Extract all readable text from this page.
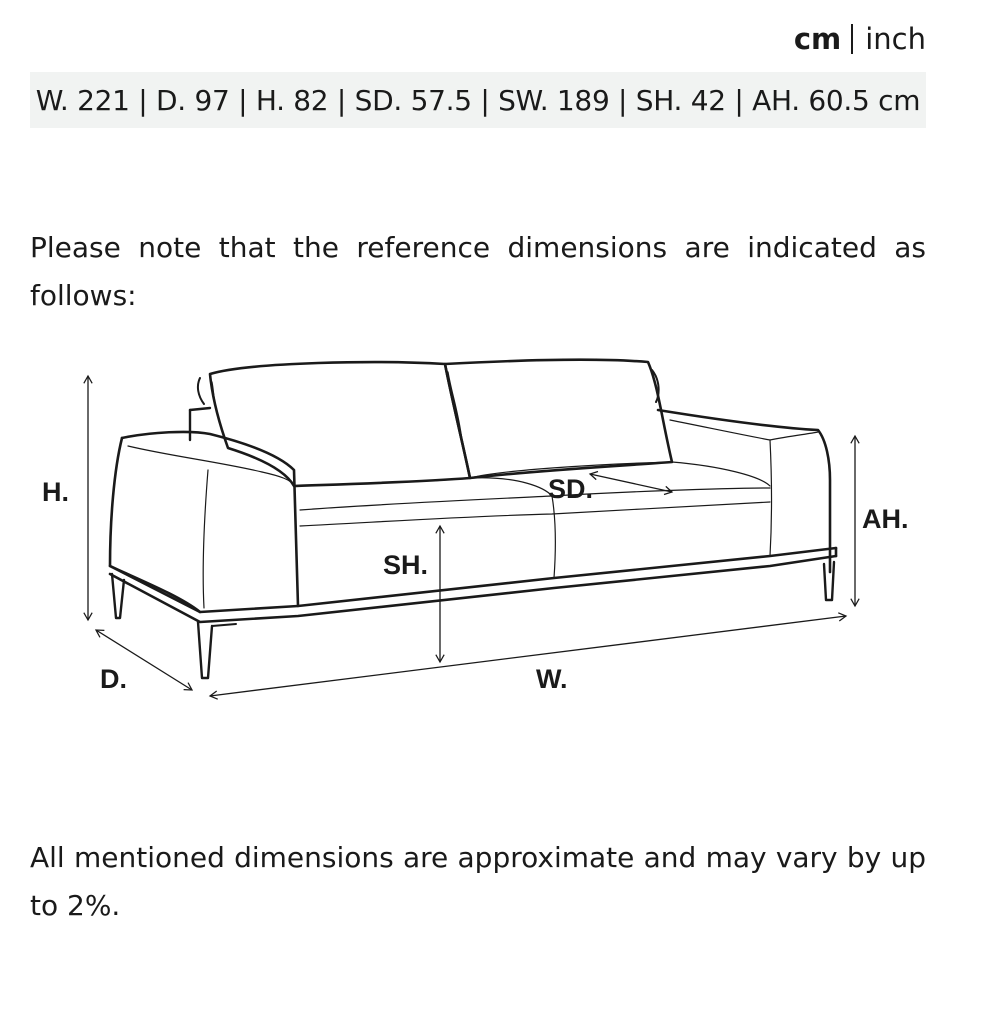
cm inch
W. 221 | D. 97 | H. 82 | SD. 57.5 | SW. 189 | SH. 42 | AH. 60.5 cm

Please note that the reference dimensions are indicated as follows:

H.	SD.
AH.
SH.
D.	W.

All mentioned dimensions are approximate and may vary by up to 2%.
